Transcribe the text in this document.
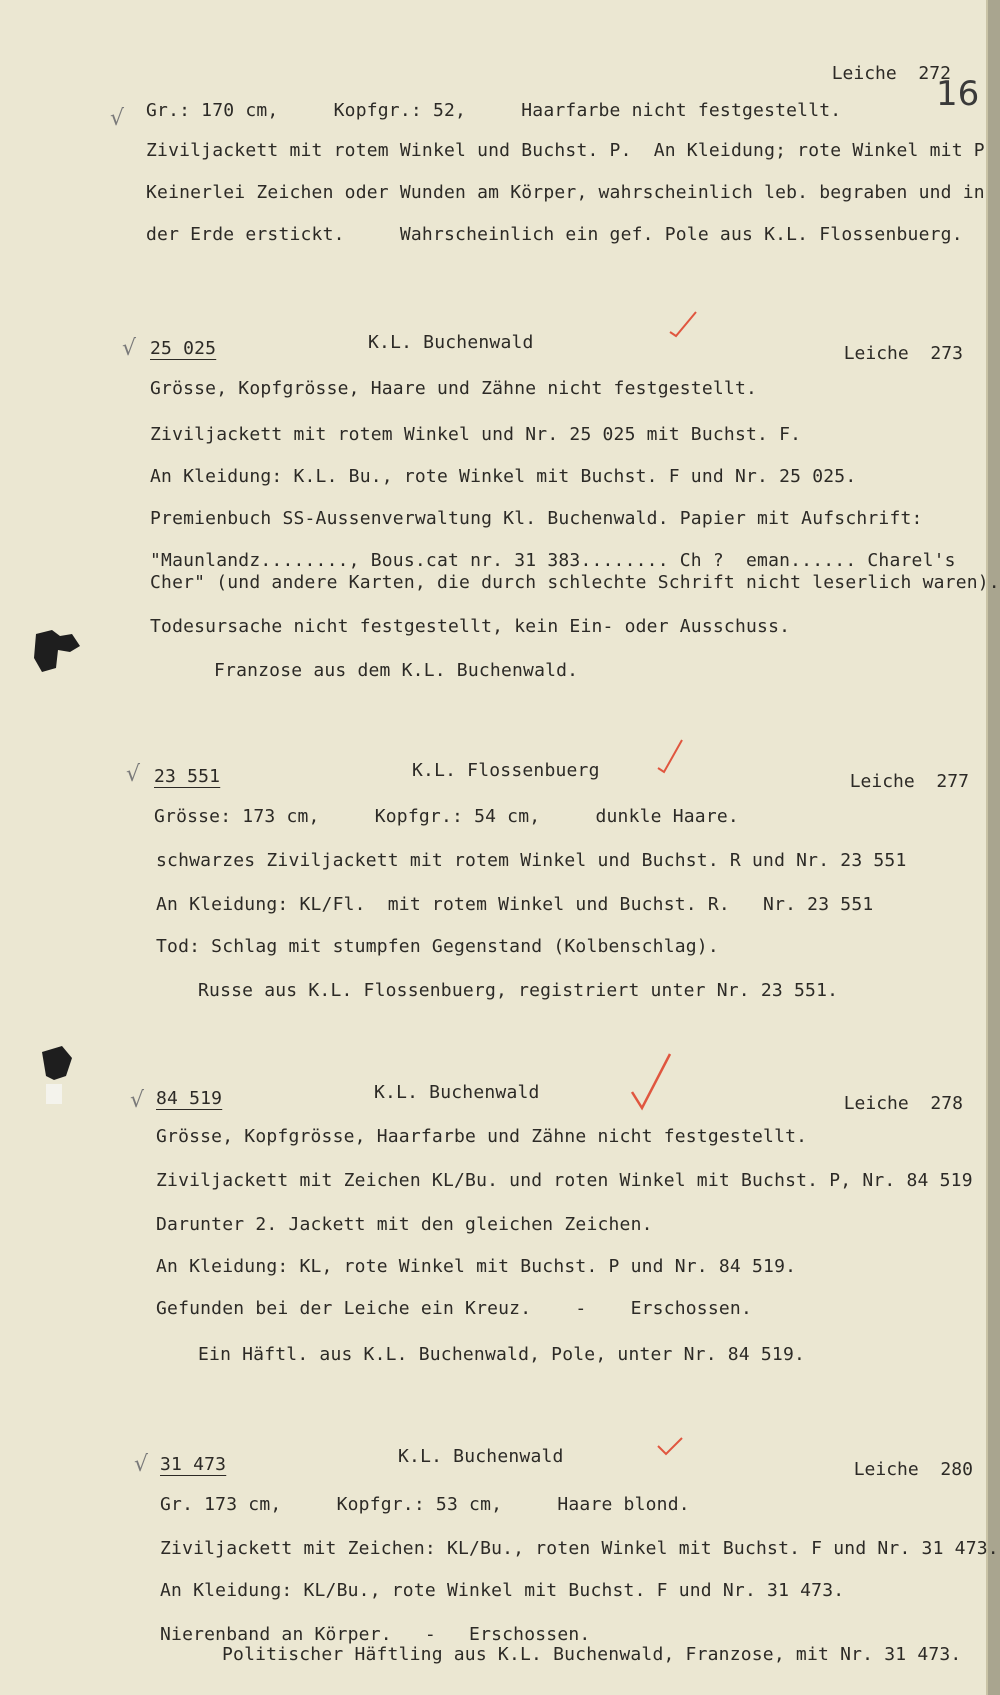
16

Leiche 272

√ Gr.: 170 cm,     Kopfgr.: 52,     Haarfarbe nicht festgestellt.
Ziviljackett mit rotem Winkel und Buchst. P.  An Kleidung; rote Winkel mit P
Keinerlei Zeichen oder Wunden am Körper, wahrscheinlich leb. begraben und in
der Erde erstickt.     Wahrscheinlich ein gef. Pole aus K.L. Flossenbuerg.
√ 25 025	K.L. Buchenwald

Leiche 273

Grösse, Kopfgrösse, Haare und Zähne nicht festgestellt.
Ziviljackett mit rotem Winkel und Nr. 25 025 mit Buchst. F.
An Kleidung: K.L. Bu., rote Winkel mit Buchst. F und Nr. 25 025.
Premienbuch SS-Aussenverwaltung Kl. Buchenwald. Papier mit Aufschrift:
"Maunlandz........, Bous.cat nr. 31 383........ Ch ?  eman...... Charel's
Cher" (und andere Karten, die durch schlechte Schrift nicht leserlich waren).
Todesursache nicht festgestellt, kein Ein- oder Ausschuss.
Franzose aus dem K.L. Buchenwald.
√ 23 551	K.L. Flossenbuerg

Leiche 277

Grösse: 173 cm,     Kopfgr.: 54 cm,     dunkle Haare.
schwarzes Ziviljackett mit rotem Winkel und Buchst. R und Nr. 23 551
An Kleidung: KL/Fl.  mit rotem Winkel und Buchst. R.   Nr. 23 551
Tod: Schlag mit stumpfen Gegenstand (Kolbenschlag).
Russe aus K.L. Flossenbuerg, registriert unter Nr. 23 551.
√ 84 519	K.L. Buchenwald

Leiche 278

Grösse, Kopfgrösse, Haarfarbe und Zähne nicht festgestellt.
Ziviljackett mit Zeichen KL/Bu. und roten Winkel mit Buchst. P, Nr. 84 519
Darunter 2. Jackett mit den gleichen Zeichen.
An Kleidung: KL, rote Winkel mit Buchst. P und Nr. 84 519.
Gefunden bei der Leiche ein Kreuz.    -    Erschossen.
Ein Häftl. aus K.L. Buchenwald, Pole, unter Nr. 84 519.
√ 31 473	K.L. Buchenwald

Leiche 280

Gr. 173 cm,     Kopfgr.: 53 cm,     Haare blond.
Ziviljackett mit Zeichen: KL/Bu., roten Winkel mit Buchst. F und Nr. 31 473.
An Kleidung: KL/Bu., rote Winkel mit Buchst. F und Nr. 31 473.
Nierenband an Körper.   -   Erschossen.
Politischer Häftling aus K.L. Buchenwald, Franzose, mit Nr. 31 473.
